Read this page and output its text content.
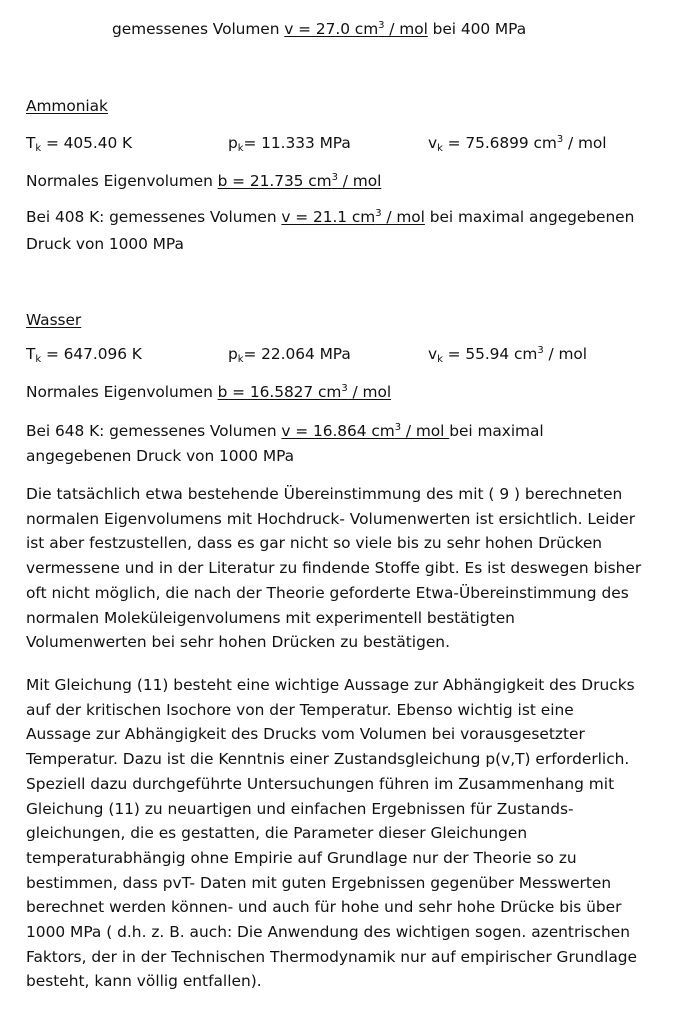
gemessenes Volumen v = 27.0 $cm^3$ / mol bei 400 MPa
Ammoniak
$T_k = 405.40$ K	$p_k= 11.333$ MPa	$v_k = 75.6899$ $cm^3$ / mol
Normales Eigenvolumen b = 21.735 $cm^3$ / mol
Bei 408 K: gemessenes Volumen v = 21.1 $cm^3$ / mol bei maximal angegebenen
Druck von 1000 MPa
Wasser
$T_k = 647.096$ K	$p_k= 22.064$ MPa	$v_k = 55.94$ $cm^3$ / mol
Normales Eigenvolumen b = 16.5827 $cm^3$ / mol
Bei 648 K: gemessenes Volumen v = 16.864 $cm^3$ / mol bei maximal
angegebenen Druck von 1000 MPa
Die tatsächlich etwa bestehende Übereinstimmung des mit ( 9 ) berechneten
normalen Eigenvolumens mit Hochdruck- Volumenwerten ist ersichtlich. Leider
ist aber festzustellen, dass es gar nicht so viele bis zu sehr hohen Drücken
vermessene und in der Literatur zu findende Stoffe gibt. Es ist deswegen bisher
oft nicht möglich, die nach der Theorie geforderte Etwa-Übereinstimmung des
normalen Moleküleigenvolumens mit experimentell bestätigten
Volumenwerten bei sehr hohen Drücken zu bestätigen.
Mit Gleichung (11) besteht eine wichtige Aussage zur Abhängigkeit des Drucks
auf der kritischen Isochore von der Temperatur. Ebenso wichtig ist eine
Aussage zur Abhängigkeit des Drucks vom Volumen bei vorausgesetzter
Temperatur. Dazu ist die Kenntnis einer Zustandsgleichung p(v,T) erforderlich.
Speziell dazu durchgeführte Untersuchungen führen im Zusammenhang mit
Gleichung (11) zu neuartigen und einfachen Ergebnissen für Zustands-
gleichungen, die es gestatten, die Parameter dieser Gleichungen
temperaturabhängig ohne Empirie auf Grundlage nur der Theorie so zu
bestimmen, dass pvT- Daten mit guten Ergebnissen gegenüber Messwerten
berechnet werden können- und auch für hohe und sehr hohe Drücke bis über
1000 MPa ( d.h. z. B. auch: Die Anwendung des wichtigen sogen. azentrischen
Faktors, der in der Technischen Thermodynamik nur auf empirischer Grundlage
besteht, kann völlig entfallen).
